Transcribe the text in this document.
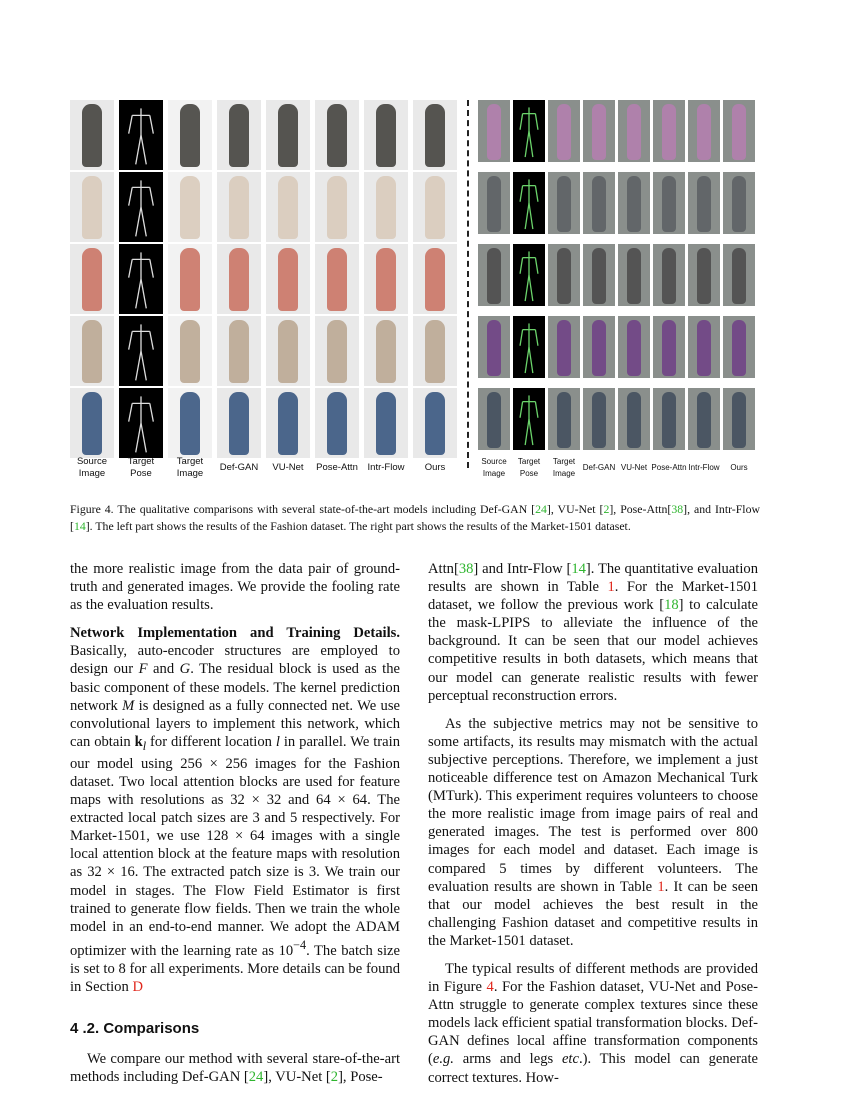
Source
Image
Target
Pose
Target
Image
Def-GAN	VU-Net	Pose-Attn	Intr-Flow	Ours
Source
Image
Target
Pose
Target
Image
Def-GAN VU-Net Pose-Attn Intr-Flow	Ours
Figure 4. The qualitative comparisons with several state-of-the-art models including Def-GAN [24], VU-Net [2], Pose-Attn[38], and Intr-Flow [14]. The left part shows the results of the Fashion dataset. The right part shows the results of the Market-1501 dataset.

the more realistic image from the data pair of ground-truth and generated images. We provide the fooling rate as the evaluation results.

Network Implementation and Training Details. Basically, auto-encoder structures are employed to design our F and G. The residual block is used as the basic component of these models. The kernel prediction network M is designed as a fully connected net. We use convolutional layers to implement this network, which can obtain $k_l$ for different location l in parallel. We train our model using 256 × 256 images for the Fashion dataset. Two local attention blocks are used for feature maps with resolutions as 32 × 32 and 64 × 64. The extracted local patch sizes are 3 and 5 respectively. For Market-1501, we use 128 × 64 images with a single local attention block at the feature maps with resolution as 32 × 16. The extracted patch size is 3. We train our model in stages. The Flow Field Estimator is first trained to generate flow fields. Then we train the whole model in an end-to-end manner. We adopt the ADAM optimizer with the learning rate as $10^{-4}$. The batch size is set to 8 for all experiments. More details can be found in Section D

4 .2. Comparisons

We compare our method with several stare-of-the-art methods including Def-GAN [24], VU-Net [2], Pose-

Attn[38] and Intr-Flow [14]. The quantitative evaluation results are shown in Table 1. For the Market-1501 dataset, we follow the previous work [18] to calculate the mask-LPIPS to alleviate the influence of the background. It can be seen that our model achieves competitive results in both datasets, which means that our model can generate realistic results with fewer perceptual reconstruction errors.

As the subjective metrics may not be sensitive to some artifacts, its results may mismatch with the actual subjective perceptions. Therefore, we implement a just noticeable difference test on Amazon Mechanical Turk (MTurk). This experiment requires volunteers to choose the more realistic image from image pairs of real and generated images. The test is performed over 800 images for each model and dataset. Each image is compared 5 times by different volunteers. The evaluation results are shown in Table 1. It can be seen that our model achieves the best result in the challenging Fashion dataset and competitive results in the Market-1501 dataset.

The typical results of different methods are provided in Figure 4. For the Fashion dataset, VU-Net and Pose-Attn struggle to generate complex textures since these models lack efficient spatial transformation blocks. Def-GAN defines local affine transformation components (e.g. arms and legs etc.). This model can generate correct textures. How-
